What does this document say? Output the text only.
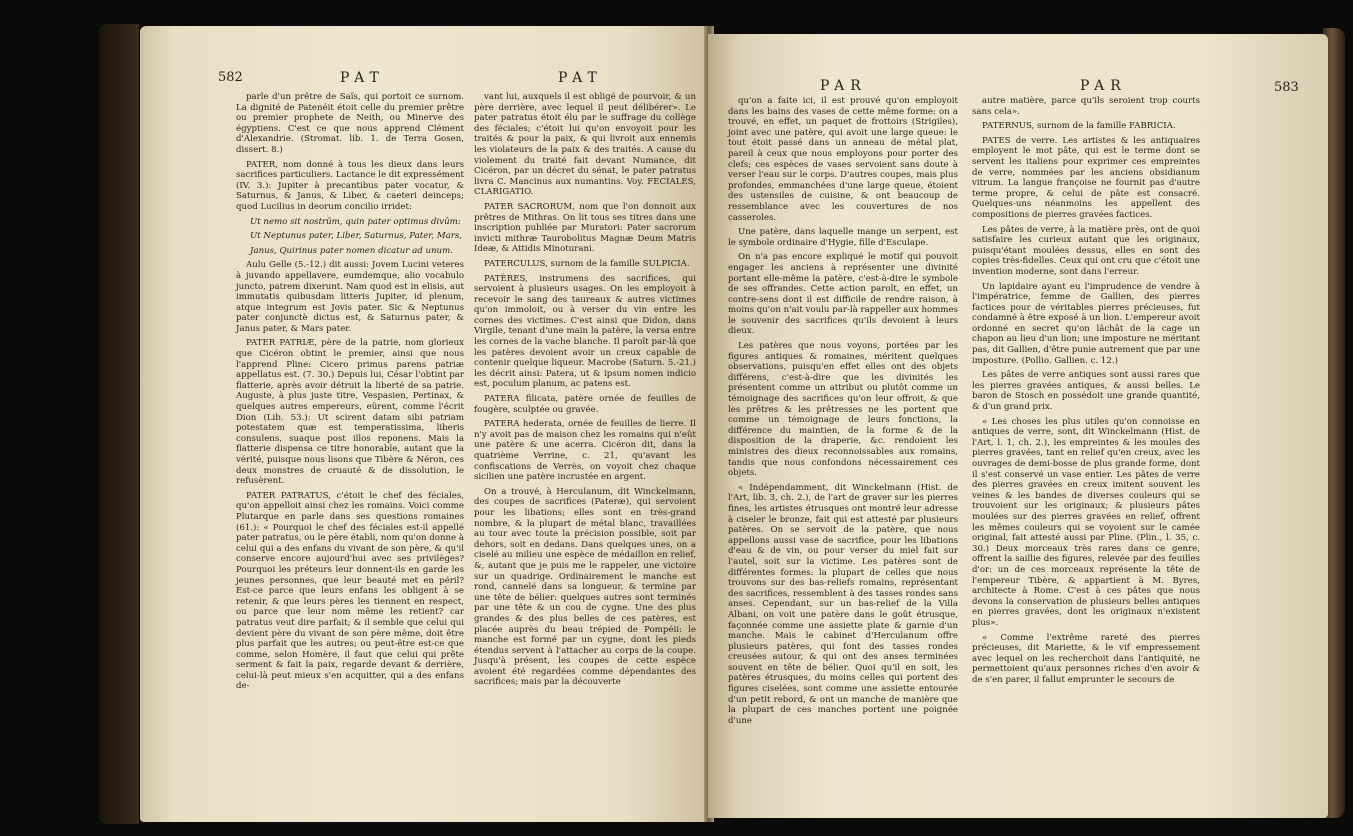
582	PAT	PAT

parle d'un prêtre de Saïs, qui portoit ce surnom. La dignité de Patenéit étoit celle du premier prêtre ou premier prophete de Neith, ou Minerve des égyptiens. C'est ce que nous apprend Clément d'Alexandrie. (Stromat. lib. 1. de Terra Gosen, dissert. 8.)

PATER, nom donné à tous les dieux dans leurs sacrifices particuliers. Lactance le dit expressément (IV. 3.): Jupiter à precantibus pater vocatur, & Saturnus, & Janus, & Liber, & caeteri deinceps; quod Lucilius in deorum concilio irridet:

Ut nemo sit nostrûm, quin pater optimus divûm:

Ut Neptunus pater, Liber, Saturnus, Pater, Mars,

Janus, Quirinus pater nomen dicatur ad unum.

Aulu Gelle (5.-12.) dit aussi: Jovem Lucini veteres à juvando appellavere, eumdemque, alio vocabulo juncto, patrem dixerunt. Nam quod est in elisis, aut immutatis quibusdam litteris Jupiter, id plenum, atque integrum est Jovis pater. Sic & Neptunus pater conjunctè dictus est, & Saturnus pater, & Janus pater, & Mars pater.

PATER PATRIÆ, père de la patrie, nom glorieux que Cicéron obtint le premier, ainsi que nous l'apprend Pline: Cicero primus parens patriæ appellatus est. (7. 30.) Depuis lui, César l'obtint par flatterie, après avoir détruit la liberté de sa patrie. Auguste, à plus juste titre, Vespasien, Pertinax, & quelques autres empereurs, eûrent, comme l'écrit Dion (Lib. 53.): Ut scirent datam sibi patriam potestatem quæ est temperatissima, liberis consulens, suaque post illos reponens. Mais la flatterie dispensa ce titre honorable, autant que la vérité, puisque nous lisons que Tibère & Néron, ces deux monstres de cruauté & de dissolution, le refusèrent.

PATER PATRATUS, c'étoit le chef des féciales, qu'on appelloit ainsi chez les romains. Voici comme Plutarque en parle dans ses questions romaines (61.): « Pourquoi le chef des féciales est-il appellé pater patratus, ou le père établi, nom qu'on donne à celui qui a des enfans du vivant de son père, & qu'il conserve encore aujourd'hui avec ses privilèges? Pourquoi les préteurs leur donnent-ils en garde les jeunes personnes, que leur beauté met en péril? Est-ce parce que leurs enfans les obligent à se retenir, & que leurs pères les tiennent en respect, ou parce que leur nom même les retient? car patratus veut dire parfait; & il semble que celui qui devient père du vivant de son père même, doit être plus parfait que les autres; ou peut-être est-ce que comme, selon Homère, il faut que celui qui prête serment & fait la paix, regarde devant & derrière, celui-là peut mieux s'en acquitter, qui a des enfans de-

vant lui, auxquels il est obligé de pourvoir, & un père derrière, avec lequel il peut délibérer». Le pater patratus étoit élu par le suffrage du collège des féciales; c'étoit lui qu'on envoyoit pour les traités & pour la paix, & qui livroit aux ennemis les violateurs de la paix & des traités. A cause du violement du traité fait devant Numance, dit Cicéron, par un décret du sénat, le pater patratus livra C. Mancinus aux numantins. Voy. FECIALES, CLARIGATIO.

PATER SACRORUM, nom que l'on donnoit aux prêtres de Mithras. On lit tous ses titres dans une inscription publiée par Muratori: Pater sacrorum invicti mithræ Taurobolitus Magnæ Deum Matris Ideæ, & Attidis Minoturani.

PATERCULUS, surnom de la famille SULPICIA.

PATÈRES, instrumens des sacrifices, qui servoient à plusieurs usages. On les employoit à recevoir le sang des taureaux & autres victimes qu'on immoloit, ou à verser du vin entre les cornes des victimes. C'est ainsi que Didon, dans Virgile, tenant d'une main la patère, la versa entre les cornes de la vache blanche. Il paroît par-là que les patères devoient avoir un creux capable de contenir quelque liqueur. Macrobe (Saturn. 5.-21.) les décrit ainsi: Patera, ut & ipsum nomen indicio est, poculum planum, ac patens est.

PATERA filicata, patère ornée de feuilles de fougère, sculptée ou gravée.

PATERA hederata, ornée de feuilles de lierre. Il n'y avoit pas de maison chez les romains qui n'eût une patère & une acerra. Cicéron dit, dans la quatrième Verrine, c. 21, qu'avant les confiscations de Verrès, on voyoit chez chaque sicilien une patère incrustée en argent.

On a trouvé, à Herculanum, dit Winckelmann, des coupes de sacrifices (Pateræ), qui servoient pour les libations; elles sont en très-grand nombre, & la plupart de métal blanc, travaillées au tour avec toute la précision possible, soit par dehors, soit en dedans. Dans quelques unes, on a ciselé au milieu une espèce de médaillon en relief, &, autant que je puis me le rappeler, une victoire sur un quadrige. Ordinairement le manche est rond, cannelé dans sa longueur, & termine par une tête de bélier: quelques autres sont terminés par une tête & un cou de cygne. Une des plus grandes & des plus belles de ces patères, est placée auprès du beau trépied de Pompéii: le manche est formé par un cygne, dont les pieds étendus servent à l'attacher au corps de la coupe. Jusqu'à présent, les coupes de cette espèce avoient été regardées comme dépendantes des sacrifices; mais par la découverte

PAR	PAR	583

qu'on a faite ici, il est prouvé qu'on employoit dans les bains des vases de cette même forme: on a trouvé, en effet, un paquet de frottoirs (Strigiles), joint avec une patère, qui avoit une large queue: le tout étoit passé dans un anneau de métal plat, pareil à ceux que nous employons pour porter des clefs; ces espèces de vases servoient sans doute à verser l'eau sur le corps. D'autres coupes, mais plus profondes, emmanchées d'une large queue, étoient des ustensiles de cuisine, & ont beaucoup de ressemblance avec les couvertures de nos casseroles.

Une patère, dans laquelle mange un serpent, est le symbole ordinaire d'Hygie, fille d'Esculape.

On n'a pas encore expliqué le motif qui pouvoit engager les anciens à représenter une divinité portant elle-même la patère, c'est-à-dire le symbole de ses offrandes. Cette action paroît, en effet, un contre-sens dont il est difficile de rendre raison, à moins qu'on n'ait voulu par-là rappeller aux hommes le souvenir des sacrifices qu'ils devoient à leurs dieux.

Les patères que nous voyons, portées par les figures antiques & romaines, méritent quelques observations, puisqu'en effet elles ont des objets différens, c'est-à-dire que les divinités les présentent comme un attribut ou plutôt comme un témoignage des sacrifices qu'on leur offroit, & que les prêtres & les prêtresses ne les portent que comme un témoignage de leurs fonctions, la différence du maintien, de la forme & de la disposition de la draperie, &c. rendoient les ministres des dieux reconnoissables aux romains, tandis que nous confondons nécessairement ces objets.

« Indépendamment, dit Winckelmann (Hist. de l'Art, lib. 3, ch. 2.), de l'art de graver sur les pierres fines, les artistes étrusques ont montré leur adresse à ciseler le bronze, fait qui est attesté par plusieurs patères. On se servoit de la patère, que nous appellons aussi vase de sacrifice, pour les libations d'eau & de vin, ou pour verser du miel fait sur l'autel, soit sur la victime. Les patères sont de différentes formes: la plupart de celles que nous trouvons sur des bas-reliefs romains, représentant des sacrifices, ressemblent à des tasses rondes sans anses. Cependant, sur un bas-relief de la Villa Albani, on voit une patère dans le goût étrusque, façonnée comme une assiette plate & garnie d'un manche. Mais le cabinet d'Herculanum offre plusieurs patères, qui font des tasses rondes creusées autour, & qui ont des anses terminées souvent en tête de bélier. Quoi qu'il en soit, les patères étrusques, du moins celles qui portent des figures ciselées, sont comme une assiette entourée d'un petit rebord, & ont un manche de manière que la plupart de ces manches portent une poignée d'une

autre matière, parce qu'ils seroient trop courts sans cela».

PATERNUS, surnom de la famille FABRICIA.

PATES de verre. Les artistes & les antiquaires employent le mot pâte, qui est le terme dont se servent les italiens pour exprimer ces empreintes de verre, nommées par les anciens obsidianum vitrum. La langue françoise ne fournit pas d'autre terme propre, & celui de pâte est consacré. Quelques-uns néanmoins les appellent des compositions de pierres gravées factices.

Les pâtes de verre, à la matière près, ont de quoi satisfaire les curieux autant que les originaux, puisqu'étant moulées dessus, elles en sont des copies très-fidelles. Ceux qui ont cru que c'étoit une invention moderne, sont dans l'erreur.

Un lapidaire ayant eu l'imprudence de vendre à l'impératrice, femme de Gallien, des pierres factices pour de véritables pierres précieuses, fut condamné à être exposé à un lion. L'empereur avoit ordonné en secret qu'on lâchât de la cage un chapon au lieu d'un lion; une imposture ne méritant pas, dit Gallien, d'être punie autrement que par une imposture. (Pollio. Gallien. c. 12.)

Les pâtes de verre antiques sont aussi rares que les pierres gravées antiques, & aussi belles. Le baron de Stosch en possédoit une grande quantité, & d'un grand prix.

« Les choses les plus utiles qu'on connoisse en antiques de verre, sont, dit Winckelmann (Hist. de l'Art, l. 1, ch. 2.), les empreintes & les moules des pierres gravées, tant en relief qu'en creux, avec les ouvrages de demi-bosse de plus grande forme, dont il s'est conservé un vase entier. Les pâtes de verre des pierres gravées en creux imitent souvent les veines & les bandes de diverses couleurs qui se trouvoient sur les originaux; & plusieurs pâtes moulées sur des pierres gravées en relief, offrent les mêmes couleurs qui se voyoient sur le camée original, fait attesté aussi par Pline. (Plin., l. 35, c. 30.) Deux morceaux très rares dans ce genre, offrent la saillie des figures, relevée par des feuilles d'or: un de ces morceaux représente la tête de l'empereur Tibère, & appartient à M. Byres, architecte à Rome. C'est à ces pâtes que nous devons la conservation de plusieurs belles antiques en pierres gravées, dont les originaux n'existent plus».

« Comme l'extrême rareté des pierres précieuses, dit Mariette, & le vif empressement avec lequel on les recherchoit dans l'antiquité, ne permettoient qu'aux personnes riches d'en avoir & de s'en parer, il fallut emprunter le secours de
